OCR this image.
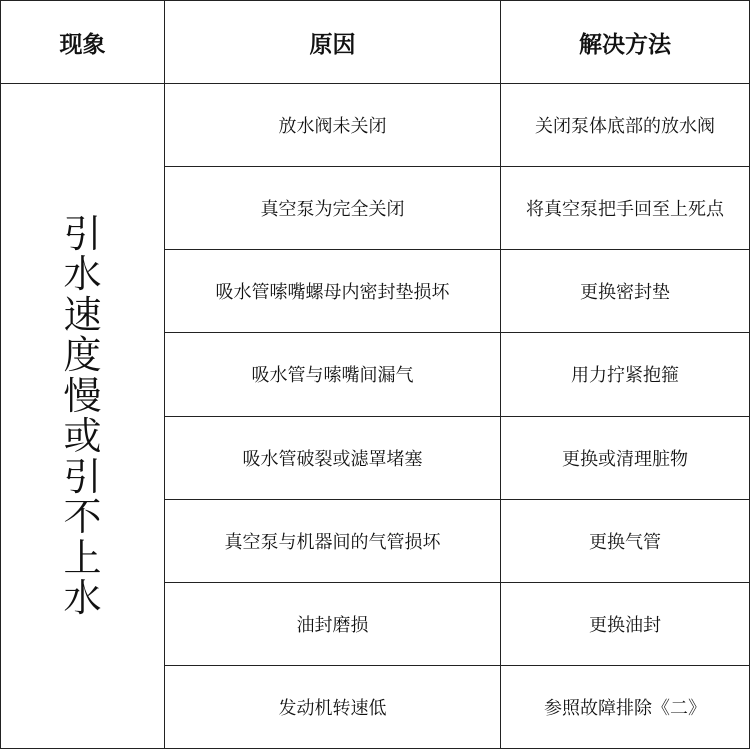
现象	原因	解决方法
引水速度慢或引不上水	放水阀未关闭	关闭泵体底部的放水阀
	真空泵为完全关闭	将真空泵把手回至上死点
	吸水管嗦嘴螺母内密封垫损坏	更换密封垫
	吸水管与嗦嘴间漏气	用力拧紧抱箍
	吸水管破裂或滤罩堵塞	更换或清理脏物
	真空泵与机器间的气管损坏	更换气管
	油封磨损	更换油封
	发动机转速低	参照故障排除《二》
